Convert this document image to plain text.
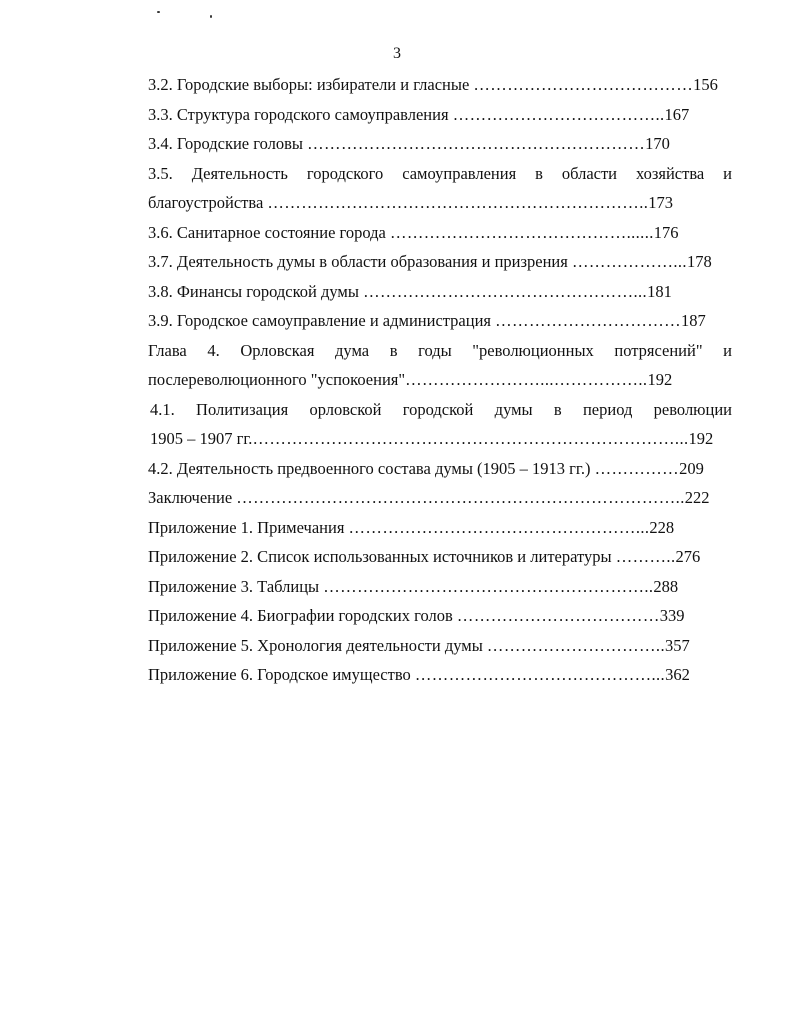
3
3.2. Городские выборы: избиратели и гласные …………………………………156
3.3. Структура городского самоуправления ………………………………..167
3.4. Городские головы ……………………………………………………170
3.5. Деятельность городского самоуправления в области хозяйства и
благоустройства …………………………………………………………..173
3.6. Санитарное состояние города ……………………………………......176
3.7. Деятельность думы в области образования и призрения ………………...178
3.8. Финансы городской думы …………………………………………...181
3.9. Городское самоуправление и администрация ……………………………187
Глава 4. Орловская дума в годы "революционных потрясений" и
послереволюционного "успокоения"……………………...……………..192
4.1. Политизация орловской городской думы в период революции
1905 – 1907 гг.…………………………………………………………………...192
4.2. Деятельность предвоенного состава думы (1905 – 1913 гг.) ……………209
Заключение ……………………………………………………………………..222
Приложение 1. Примечания ……………………………………………...228
Приложение 2. Список использованных источников и литературы ………..276
Приложение 3. Таблицы …………………………………………………..288
Приложение 4. Биографии городских голов ………………………………339
Приложение 5. Хронология деятельности думы …………………………..357
Приложение 6. Городское имущество ……………………………………...362
